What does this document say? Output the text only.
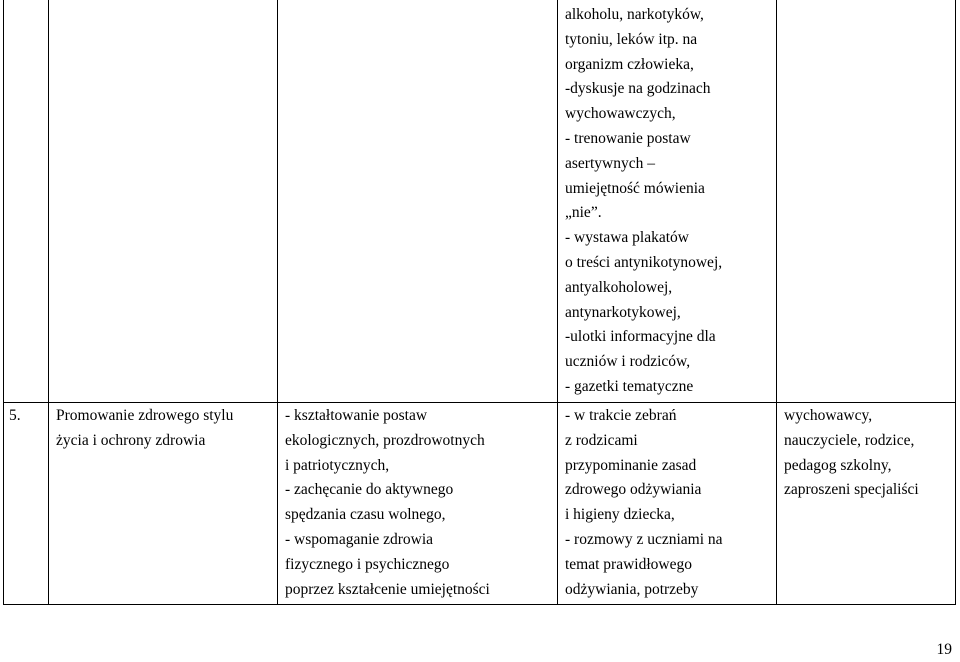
alkoholu, narkotyków,
tytoniu, leków itp. na
organizm człowieka,
-dyskusje na godzinach
wychowawczych,
- trenowanie postaw
asertywnych –
umiejętność mówienia
„nie”.
- wystawa plakatów
o treści antynikotynowej,
antyalkoholowej,
antynarkotykowej,
-ulotki informacyjne dla
uczniów i rodziców,
- gazetki tematyczne
5. Promowanie zdrowego stylu
życia i ochrony zdrowia
- kształtowanie postaw
ekologicznych, prozdrowotnych
i patriotycznych,
- zachęcanie do aktywnego
spędzania czasu wolnego,
- wspomaganie zdrowia
fizycznego i psychicznego
poprzez kształcenie umiejętności
- w trakcie zebrań
z rodzicami
przypominanie zasad
zdrowego odżywiania
i higieny dziecka,
- rozmowy z uczniami na
temat prawidłowego
odżywiania, potrzeby
wychowawcy,
nauczyciele, rodzice,
pedagog szkolny,
zaproszeni specjaliści
19
